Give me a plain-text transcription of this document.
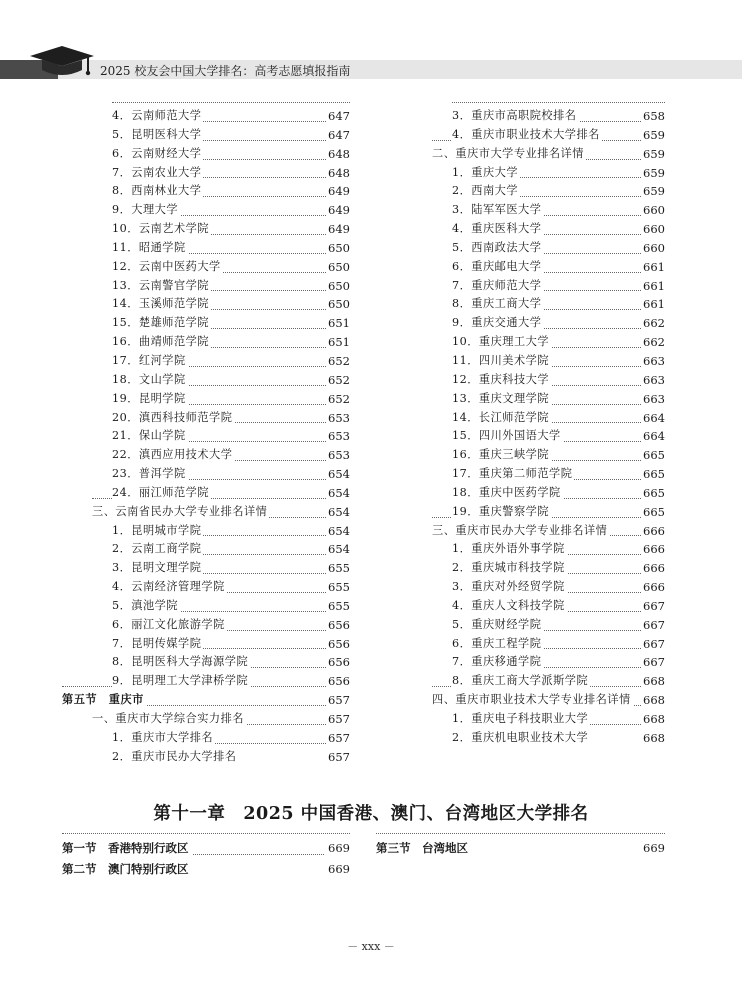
2025 校友会中国大学排名：高考志愿填报指南
4．云南师范大学	647
5．昆明医科大学	647
6．云南财经大学	648
7．云南农业大学	648
8．西南林业大学	649
9．大理大学	649
10．云南艺术学院	649
11．昭通学院	650
12．云南中医药大学	650
13．云南警官学院	650
14．玉溪师范学院	650
15．楚雄师范学院	651
16．曲靖师范学院	651
17．红河学院	652
18．文山学院	652
19．昆明学院	652
20．滇西科技师范学院	653
21．保山学院	653
22．滇西应用技术大学	653
23．普洱学院	654
24．丽江师范学院	654
三、云南省民办大学专业排名详情	654
1．昆明城市学院	654
2．云南工商学院	654
3．昆明文理学院	655
4．云南经济管理学院	655
5．滇池学院	655
6．丽江文化旅游学院	656
7．昆明传媒学院	656
8．昆明医科大学海源学院	656
9．昆明理工大学津桥学院	656
第五节　重庆市	657
一、重庆市大学综合实力排名	657
1．重庆市大学排名	657
2．重庆市民办大学排名	657
3．重庆市高职院校排名	658
4．重庆市职业技术大学排名	659
二、重庆市大学专业排名详情	659
1．重庆大学	659
2．西南大学	659
3．陆军军医大学	660
4．重庆医科大学	660
5．西南政法大学	660
6．重庆邮电大学	661
7．重庆师范大学	661
8．重庆工商大学	661
9．重庆交通大学	662
10．重庆理工大学	662
11．四川美术学院	663
12．重庆科技大学	663
13．重庆文理学院	663
14．长江师范学院	664
15．四川外国语大学	664
16．重庆三峡学院	665
17．重庆第二师范学院	665
18．重庆中医药学院	665
19．重庆警察学院	665
三、重庆市民办大学专业排名详情	666
1．重庆外语外事学院	666
2．重庆城市科技学院	666
3．重庆对外经贸学院	666
4．重庆人文科技学院	667
5．重庆财经学院	667
6．重庆工程学院	667
7．重庆移通学院	667
8．重庆工商大学派斯学院	668
四、重庆市职业技术大学专业排名详情 668
1．重庆电子科技职业大学	668
2．重庆机电职业技术大学	668
第十一章　2025 中国香港、澳门、台湾地区大学排名
第一节　香港特别行政区	669
第二节　澳门特别行政区	669
第三节　台湾地区	669
－ xxx －
